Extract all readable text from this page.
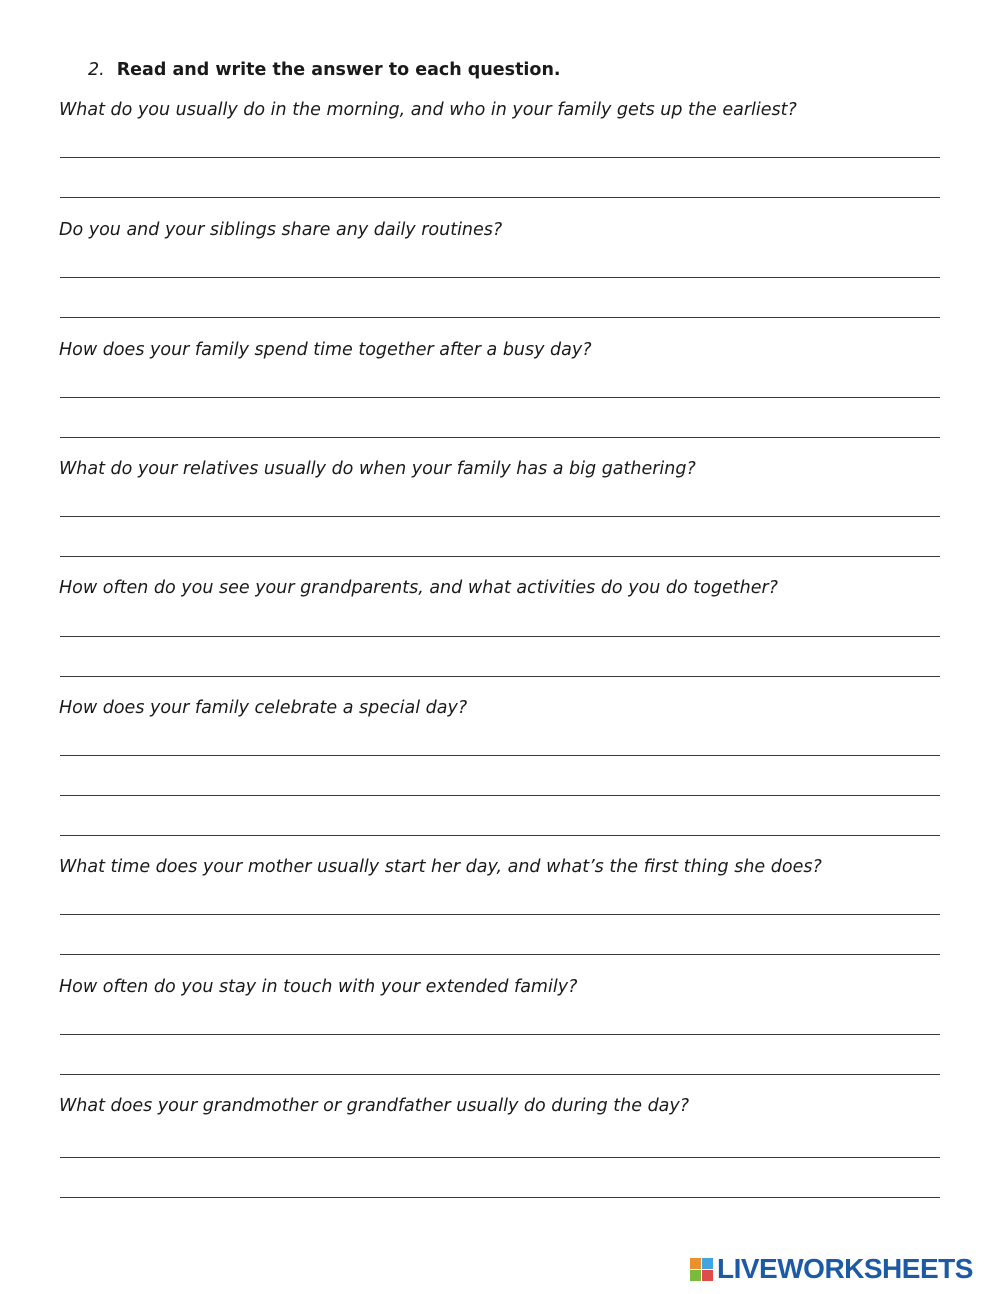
2. Read and write the answer to each question.
What do you usually do in the morning, and who in your family gets up the earliest?
Do you and your siblings share any daily routines?
How does your family spend time together after a busy day?
What do your relatives usually do when your family has a big gathering?
How often do you see your grandparents, and what activities do you do together?
How does your family celebrate a special day?
What time does your mother usually start her day, and what’s the first thing she does?
How often do you stay in touch with your extended family?
What does your grandmother or grandfather usually do during the day?
LIVEWORKSHEETS
